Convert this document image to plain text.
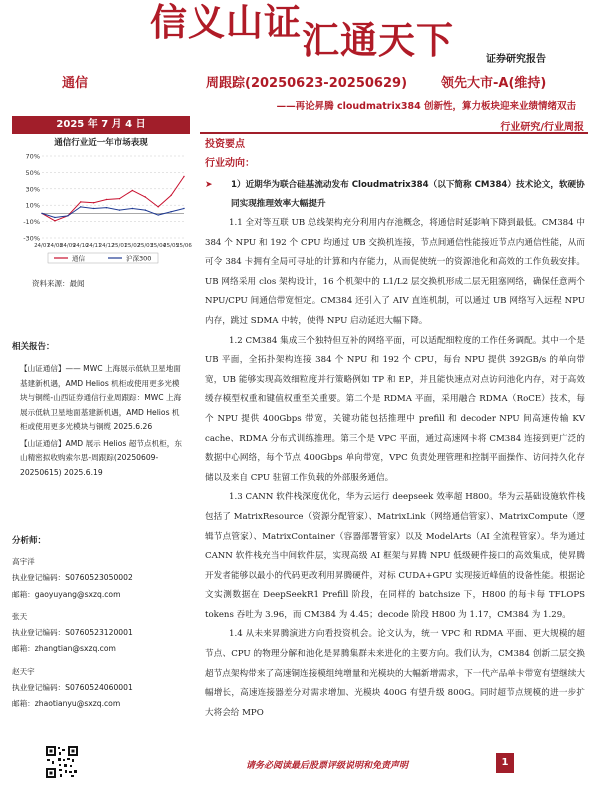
信义山证汇通天下	证券研究报告
通信	周跟踪(20250623-20250629)	领先大市-A(维持)
——再论昇腾 cloudmatrix384 创新性，算力板块迎来业绩情绪双击
2025 年 7 月 4 日	行业研究/行业周报
通信行业近一年市场表现
70%
50%
30%
10%
-10%
-30%
24/07
24/08
24/09
24/10
24/11
24/12
25/01
25/02
25/03
25/04
25/05
25/06
通信	沪深300
资料来源：最闻
相关报告：

【山证通信】—— MWC 上海展示低轨卫星地面基建新机遇，AMD Helios 机柜或使用更多光模块与铜缆-山西证券通信行业周跟踪：MWC 上海展示低轨卫星地面基建新机遇，AMD Helios 机柜或使用更多光模块与铜缆 2025.6.26

【山证通信】AMD 展示 Helios 超节点机柜，东山精密拟收购索尔思-周跟踪(20250609-20250615) 2025.6.19

分析师：
高宇洋
执业登记编码：S0760523050002
邮箱：gaoyuyang@sxzq.com
张天
执业登记编码：S0760523120001
邮箱：zhangtian@sxzq.com
赵天宇
执业登记编码：S0760524060001
邮箱：zhaotianyu@sxzq.com
投资要点
行业动向：
➤ 1）近期华为联合硅基流动发布 Cloudmatrix384（以下简称 CM384）技术论文，软硬协同实现推理效率大幅提升

1.1 全对等互联 UB 总线架构充分利用内存池概念，将通信时延影响下降到最低。CM384 中 384 个 NPU 和 192 个 CPU 均通过 UB 交换机连接，节点间通信性能接近节点内通信性能，从而可令 384 卡拥有全局可寻址的计算和内存能力，从而促使统一的资源池化和高效的工作负载安排。UB 网络采用 clos 架构设计，16 个机架中的 L1/L2 层交换机形成二层无阻塞网络，确保任意两个 NPU/CPU 间通信带宽恒定。CM384 还引入了 AIV 直连机制，可以通过 UB 网络写入远程 NPU 内存，跳过 SDMA 中转，使得 NPU 启动延迟大幅下降。

1.2 CM384 集成三个独特但互补的网络平面，可以适配细粒度的工作任务调配。其中一个是 UB 平面，全拓扑架构连接 384 个 NPU 和 192 个 CPU，每台 NPU 提供 392GB/s 的单向带宽，UB 能够实现高效细粒度并行策略例如 TP 和 EP，并且能快速点对点访问池化内存，对于高效缓存模型权重和键值权重至关重要。第二个是 RDMA 平面，采用融合 RDMA（RoCE）技术，每个 NPU 提供 400Gbps 带宽，关键功能包括推理中 prefill 和 decoder NPU 间高速传输 KV cache、RDMA 分布式训练推理。第三个是 VPC 平面，通过高速网卡将 CM384 连接到更广泛的数据中心网络，每个节点 400Gbps 单向带宽，VPC 负责处理管理和控制平面操作、访问持久化存储以及来自 CPU 驻留工作负载的外部服务通信。

1.3 CANN 软件栈深度优化，华为云运行 deepseek 效率超 H800。华为云基础设施软件栈包括了 MatrixResource（资源分配管家）、MatrixLink（网络通信管家）、MatrixCompute（逻辑节点管家）、MatrixContainer（容器部署管家）以及 ModelArts（AI 全流程管家）。华为通过 CANN 软件栈充当中间软件层，实现高级 AI 框架与昇腾 NPU 低级硬件接口的高效集成，使昇腾开发者能够以最小的代码更改利用昇腾硬件，对标 CUDA+GPU 实现接近峰值的设备性能。根据论文实测数据在 DeepSeekR1 Prefill 阶段，在同样的 batchsize 下，H800 的每卡每 TFLOPS tokens 吞吐为 3.96，而 CM384 为 4.45；decode 阶段 H800 为 1.17，CM384 为 1.29。

1.4 从未来昇腾演进方向看投资机会。论文认为，统一 VPC 和 RDMA 平面、更大规模的超节点、CPU 的物理分解和池化是昇腾集群未来进化的主要方向。我们认为，CM384 创新二层交换超节点架构带来了高速铜连接模组纯增量和光模块的大幅新增需求，下一代产品单卡带宽有望继续大幅增长，高速连接器差分对需求增加、光模块 400G 有望升级 800G。同时超节点规模的进一步扩大将会给 MPO

请务必阅读最后股票评级说明和免责声明	1
